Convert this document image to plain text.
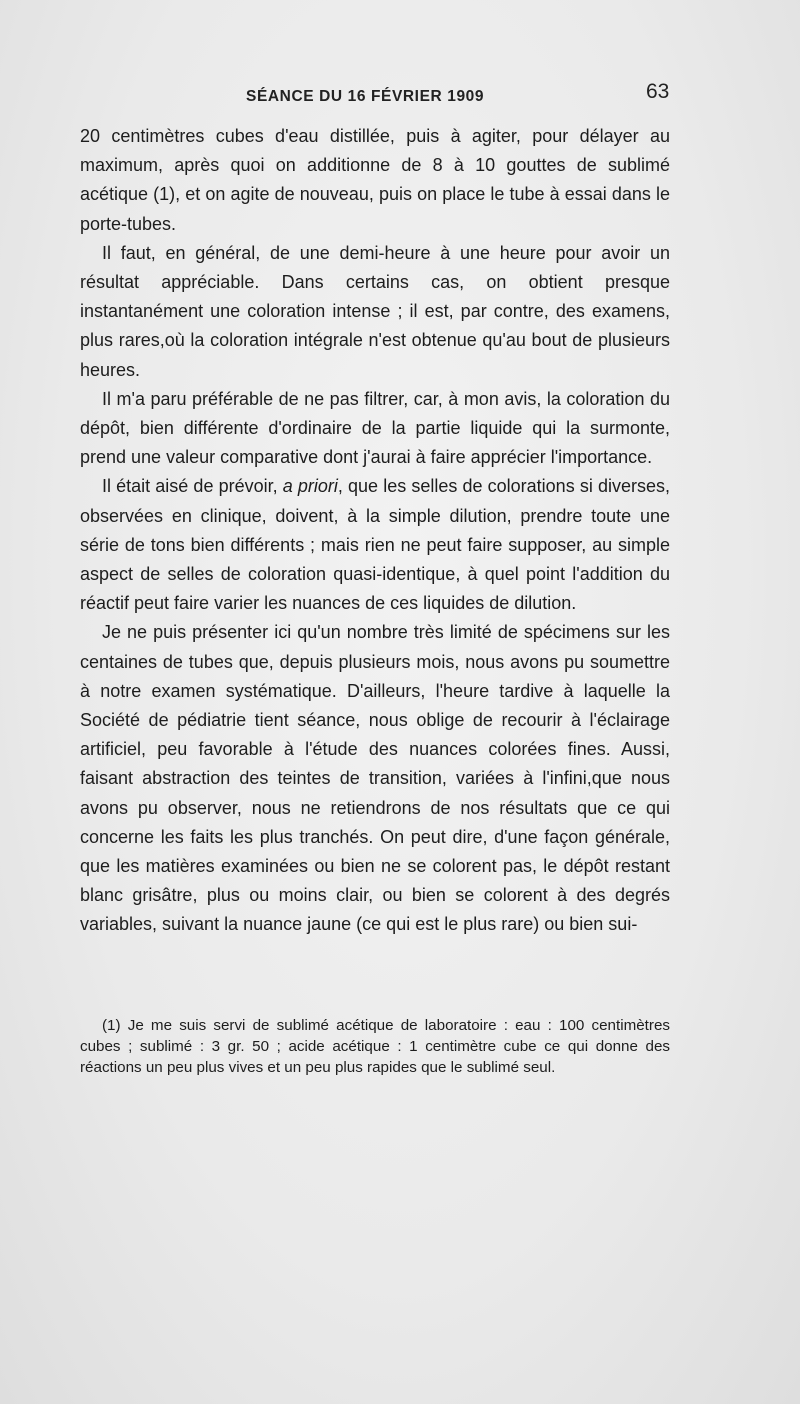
SÉANCE DU 16 FÉVRIER 1909	63

20 centimètres cubes d'eau distillée, puis à agiter, pour délayer au maximum, après quoi on additionne de 8 à 10 gouttes de sublimé acétique (1), et on agite de nouveau, puis on place le tube à essai dans le porte-tubes.

Il faut, en général, de une demi-heure à une heure pour avoir un résultat appréciable. Dans certains cas, on obtient presque instantanément une coloration intense ; il est, par contre, des examens, plus rares,où la coloration intégrale n'est obtenue qu'au bout de plusieurs heures.

Il m'a paru préférable de ne pas filtrer, car, à mon avis, la coloration du dépôt, bien différente d'ordinaire de la partie liquide qui la surmonte, prend une valeur comparative dont j'aurai à faire apprécier l'importance.

Il était aisé de prévoir, a priori, que les selles de colorations si diverses, observées en clinique, doivent, à la simple dilution, prendre toute une série de tons bien différents ; mais rien ne peut faire supposer, au simple aspect de selles de coloration quasi-identique, à quel point l'addition du réactif peut faire varier les nuances de ces liquides de dilution.

Je ne puis présenter ici qu'un nombre très limité de spécimens sur les centaines de tubes que, depuis plusieurs mois, nous avons pu soumettre à notre examen systématique. D'ailleurs, l'heure tardive à laquelle la Société de pédiatrie tient séance, nous oblige de recourir à l'éclairage artificiel, peu favorable à l'étude des nuances colorées fines. Aussi, faisant abstraction des teintes de transition, variées à l'infini,que nous avons pu observer, nous ne retiendrons de nos résultats que ce qui concerne les faits les plus tranchés. On peut dire, d'une façon générale, que les matières examinées ou bien ne se colorent pas, le dépôt restant blanc grisâtre, plus ou moins clair, ou bien se colorent à des degrés variables, suivant la nuance jaune (ce qui est le plus rare) ou bien sui-

(1) Je me suis servi de sublimé acétique de laboratoire : eau : 100 centimètres cubes ; sublimé : 3 gr. 50 ; acide acétique : 1 centimètre cube ce qui donne des réactions un peu plus vives et un peu plus rapides que le sublimé seul.
